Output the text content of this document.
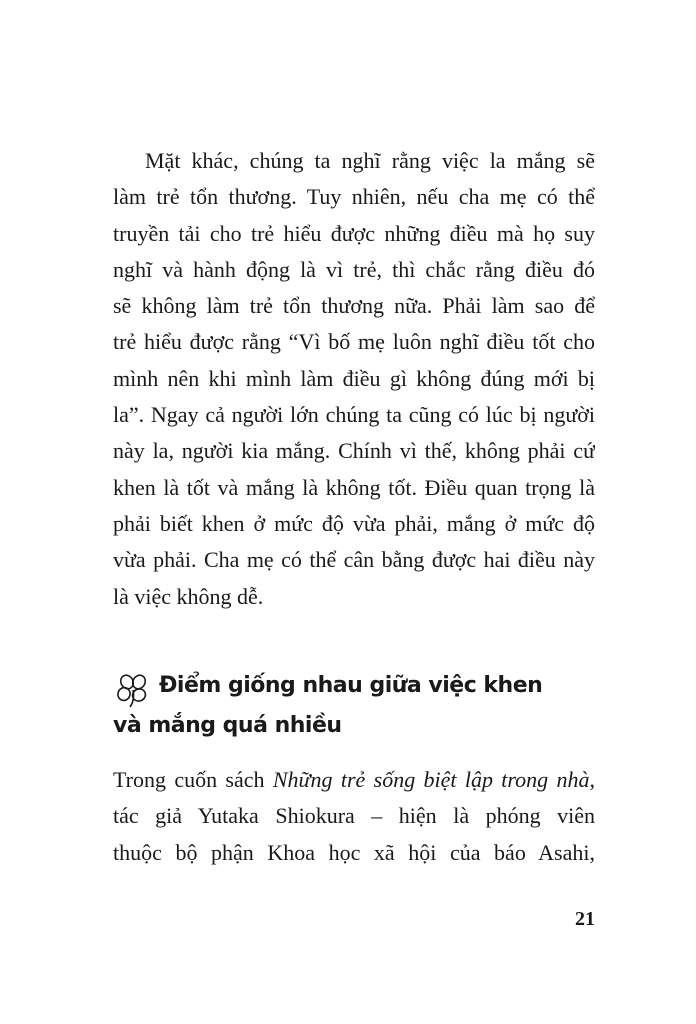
Mặt khác, chúng ta nghĩ rằng việc la mắng sẽ
làm trẻ tổn thương. Tuy nhiên, nếu cha mẹ có thể
truyền tải cho trẻ hiểu được những điều mà họ suy
nghĩ và hành động là vì trẻ, thì chắc rằng điều đó
sẽ không làm trẻ tổn thương nữa. Phải làm sao để
trẻ hiểu được rằng “Vì bố mẹ luôn nghĩ điều tốt cho
mình nên khi mình làm điều gì không đúng mới bị
la”. Ngay cả người lớn chúng ta cũng có lúc bị người
này la, người kia mắng. Chính vì thế, không phải cứ
khen là tốt và mắng là không tốt. Điều quan trọng là
phải biết khen ở mức độ vừa phải, mắng ở mức độ
vừa phải. Cha mẹ có thể cân bằng được hai điều này
là việc không dễ.
Điểm giống nhau giữa việc khen
và mắng quá nhiều
Trong cuốn sách Những trẻ sống biệt lập trong nhà,
tác giả Yutaka Shiokura – hiện là phóng viên
thuộc bộ phận Khoa học xã hội của báo Asahi,
21
